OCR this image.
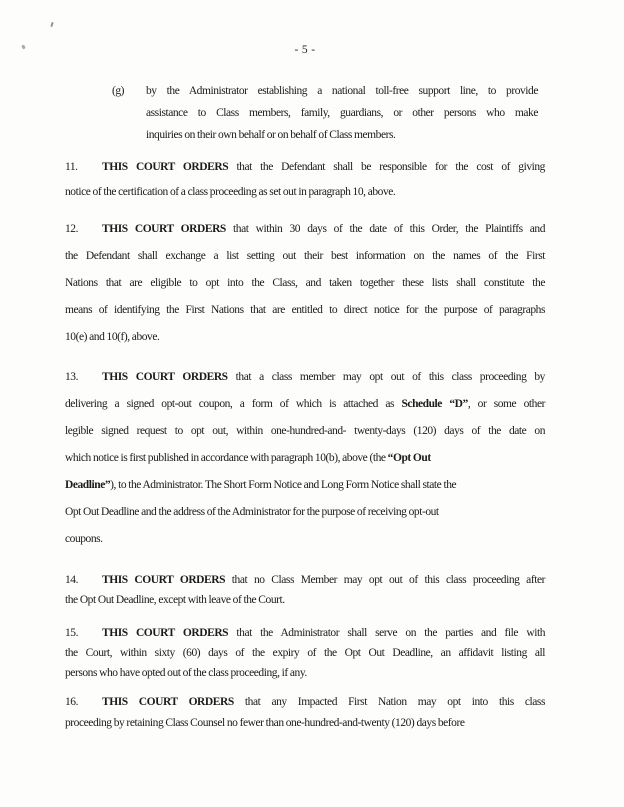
- 5 -
(g)	by the Administrator establishing a national toll-free support line, to provide
assistance to Class members, family, guardians, or other persons who make
inquiries on their own behalf or on behalf of Class members.
11. THIS COURT ORDERS that the Defendant shall be responsible for the cost of giving
notice of the certification of a class proceeding as set out in paragraph 10, above.
12. THIS COURT ORDERS that within 30 days of the date of this Order, the Plaintiffs and
the Defendant shall exchange a list setting out their best information on the names of the First
Nations that are eligible to opt into the Class, and taken together these lists shall constitute the
means of identifying the First Nations that are entitled to direct notice for the purpose of paragraphs
10(e) and 10(f), above.
13. THIS COURT ORDERS that a class member may opt out of this class proceeding by
delivering a signed opt-out coupon, a form of which is attached as Schedule “D”, or some other
legible signed request to opt out, within one-hundred-and- twenty-days (120) days of the date on
which notice is first published in accordance with paragraph 10(b), above (the “Opt Out
Deadline”), to the Administrator. The Short Form Notice and Long Form Notice shall state the
Opt Out Deadline and the address of the Administrator for the purpose of receiving opt-out
coupons.
14. THIS COURT ORDERS that no Class Member may opt out of this class proceeding after
the Opt Out Deadline, except with leave of the Court.
15. THIS COURT ORDERS that the Administrator shall serve on the parties and file with
the Court, within sixty (60) days of the expiry of the Opt Out Deadline, an affidavit listing all
persons who have opted out of the class proceeding, if any.
16. THIS COURT ORDERS that any Impacted First Nation may opt into this class
proceeding by retaining Class Counsel no fewer than one-hundred-and-twenty (120) days before
